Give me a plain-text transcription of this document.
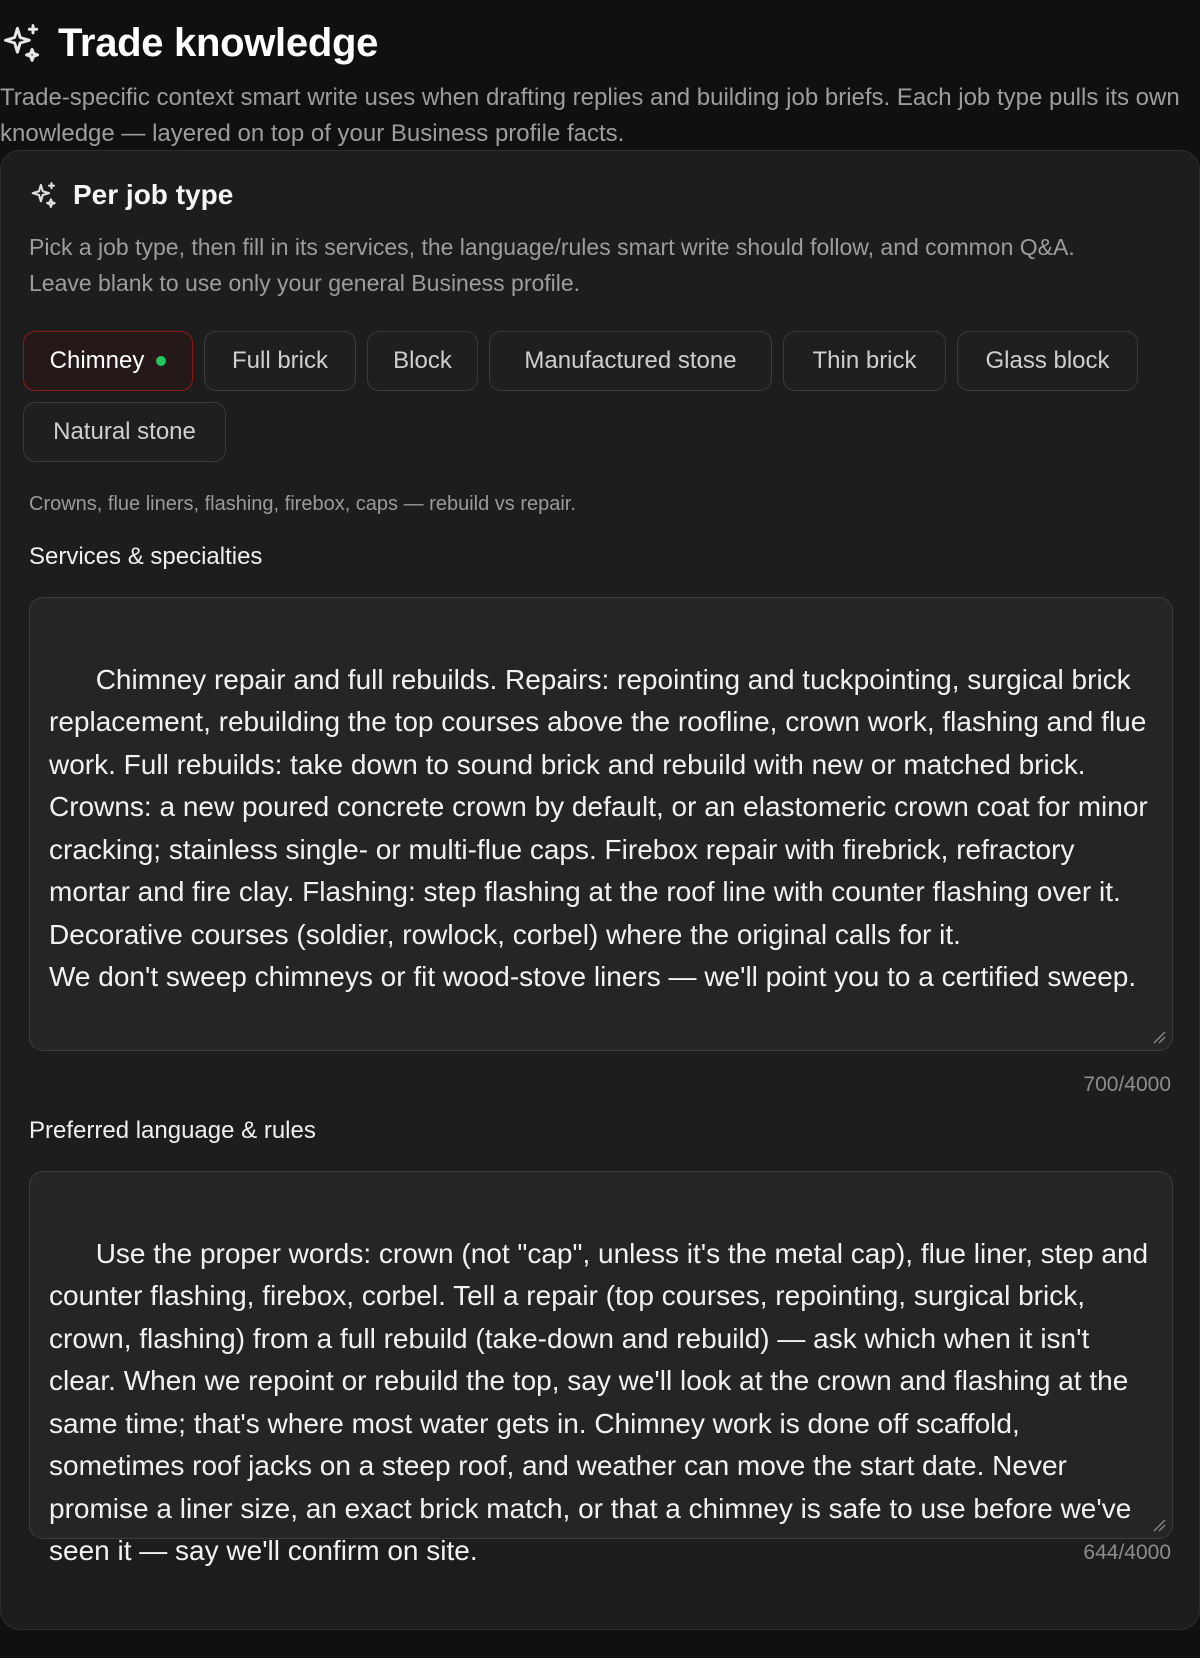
Trade knowledge

Trade-specific context smart write uses when drafting replies and building job briefs. Each job type pulls its own knowledge — layered on top of your Business profile facts.

Per job type

Pick a job type, then fill in its services, the language/rules smart write should follow, and common Q&A. Leave blank to use only your general Business profile.

Chimney	Full brick	Block	Manufactured stone	Thin brick	Glass block
Natural stone

Crowns, flue liners, flashing, firebox, caps — rebuild vs repair.

Services & specialties

Chimney repair and full rebuilds. Repairs: repointing and tuckpointing, surgical brick replacement, rebuilding the top courses above the roofline, crown work, flashing and flue work. Full rebuilds: take down to sound brick and rebuild with new or matched brick. Crowns: a new poured concrete crown by default, or an elastomeric crown coat for minor cracking; stainless single- or multi-flue caps. Firebox repair with firebrick, refractory mortar and fire clay. Flashing: step flashing at the roof line with counter flashing over it. Decorative courses (soldier, rowlock, corbel) where the original calls for it.
We don't sweep chimneys or fit wood-stove liners — we'll point you to a certified sweep.

700/4000
Preferred language & rules

Use the proper words: crown (not "cap", unless it's the metal cap), flue liner, step and counter flashing, firebox, corbel. Tell a repair (top courses, repointing, surgical brick, crown, flashing) from a full rebuild (take-down and rebuild) — ask which when it isn't clear. When we repoint or rebuild the top, say we'll look at the crown and flashing at the same time; that's where most water gets in. Chimney work is done off scaffold, sometimes roof jacks on a steep roof, and weather can move the start date. Never promise a liner size, an exact brick match, or that a chimney is safe to use before we've seen it — say we'll confirm on site.

	644/4000
